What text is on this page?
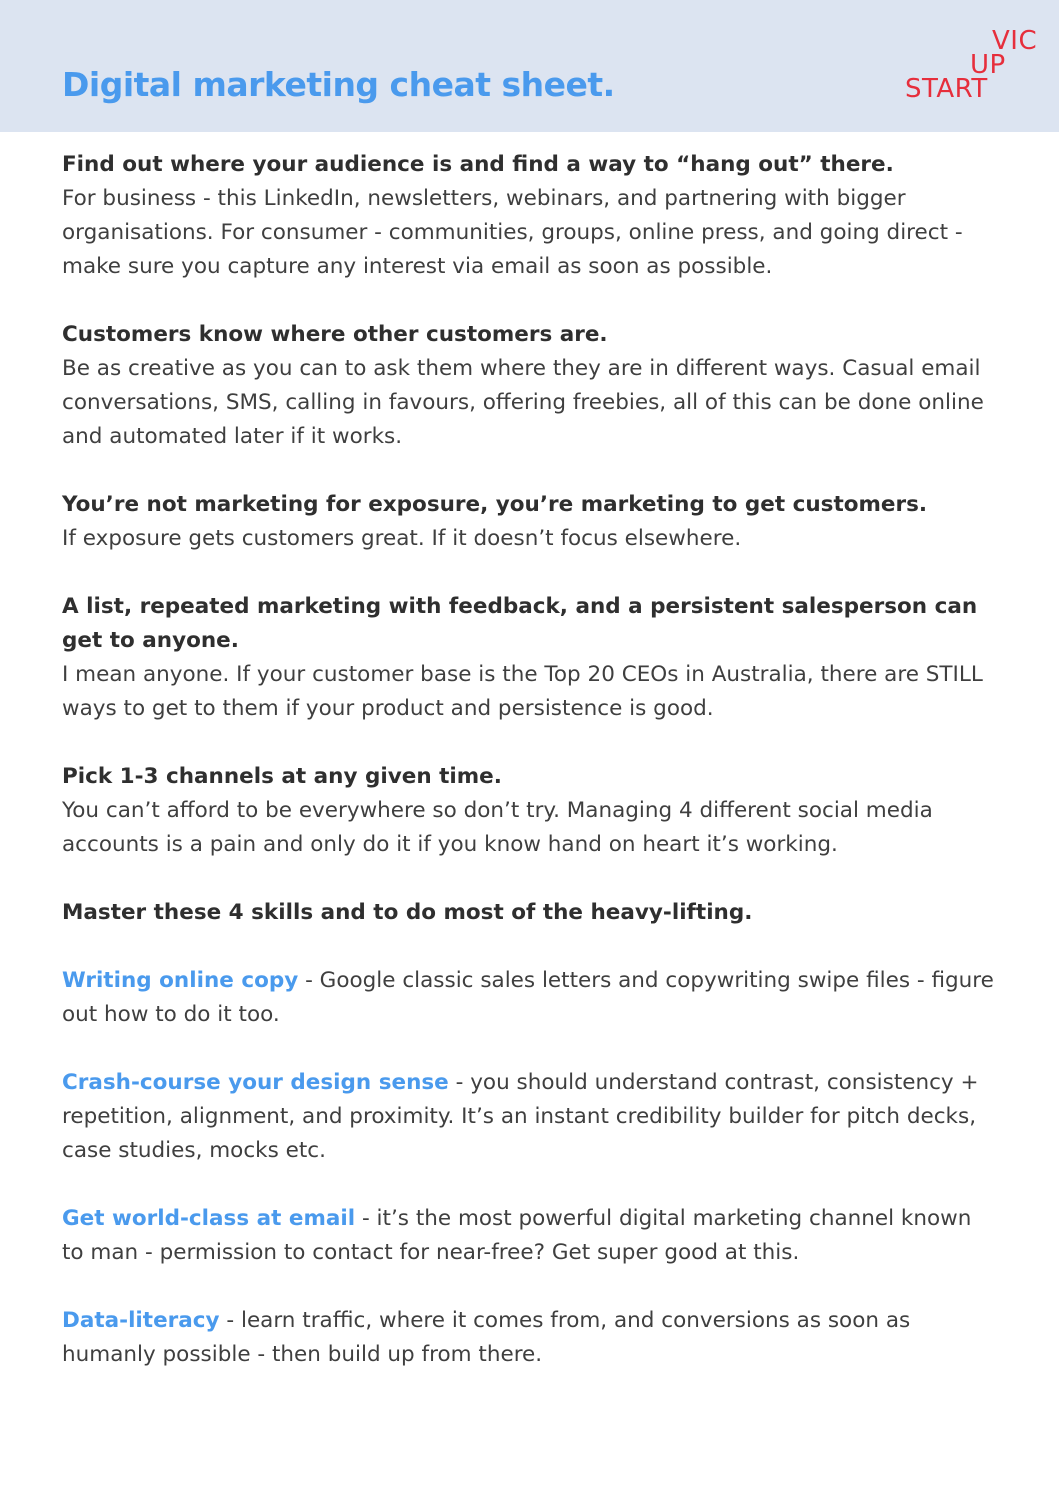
Digital marketing cheat sheet.
VIC
UP
START
Find out where your audience is and find a way to “hang out” there.
For business - this LinkedIn, newsletters, webinars, and partnering with bigger organisations. For consumer - communities, groups, online press, and going direct - make sure you capture any interest via email as soon as possible.
Customers know where other customers are.
Be as creative as you can to ask them where they are in different ways. Casual email conversations, SMS, calling in favours, offering freebies, all of this can be done online and automated later if it works.
You’re not marketing for exposure, you’re marketing to get customers.
If exposure gets customers great. If it doesn’t focus elsewhere.
A list, repeated marketing with feedback, and a persistent salesperson can get to anyone.
I mean anyone. If your customer base is the Top 20 CEOs in Australia, there are STILL ways to get to them if your product and persistence is good.
Pick 1-3 channels at any given time.
You can’t afford to be everywhere so don’t try. Managing 4 different social media accounts is a pain and only do it if you know hand on heart it’s working.
Master these 4 skills and to do most of the heavy-lifting.
Writing online copy - Google classic sales letters and copywriting swipe files - figure out how to do it too.
Crash-course your design sense - you should understand contrast, consistency + repetition, alignment, and proximity. It’s an instant credibility builder for pitch decks, case studies, mocks etc.
Get world-class at email - it’s the most powerful digital marketing channel known to man - permission to contact for near-free? Get super good at this.
Data-literacy - learn traffic, where it comes from, and conversions as soon as humanly possible - then build up from there.
